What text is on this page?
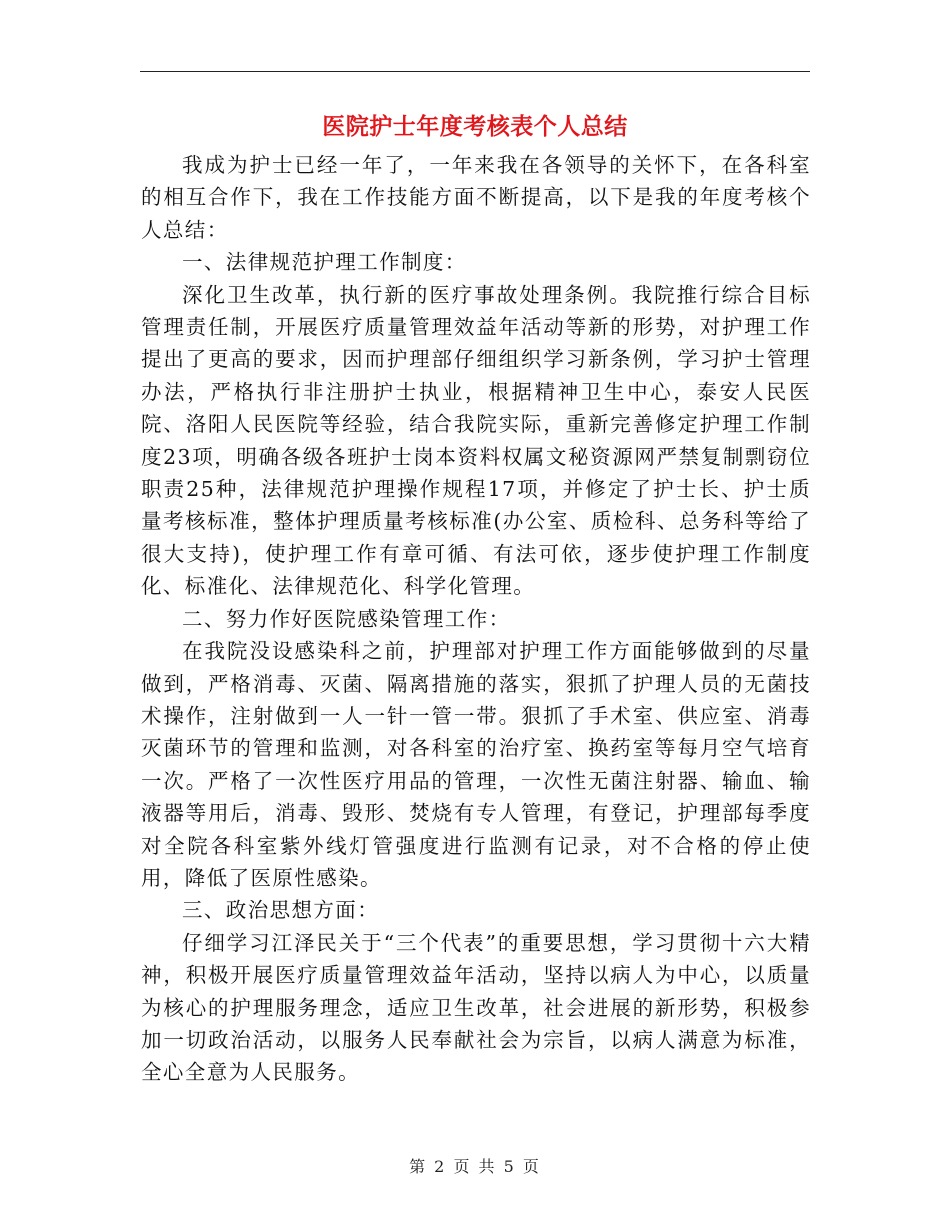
医院护士年度考核表个人总结

我成为护士已经一年了，一年来我在各领导的关怀下，在各科室的相互合作下，我在工作技能方面不断提高，以下是我的年度考核个人总结：

一、法律规范护理工作制度：

深化卫生改革，执行新的医疗事故处理条例。我院推行综合目标管理责任制，开展医疗质量管理效益年活动等新的形势，对护理工作提出了更高的要求，因而护理部仔细组织学习新条例，学习护士管理办法，严格执行非注册护士执业，根据精神卫生中心，泰安人民医院、洛阳人民医院等经验，结合我院实际，重新完善修定护理工作制度23项，明确各级各班护士岗本资料权属文秘资源网严禁复制剽窃位职责25种，法律规范护理操作规程17项，并修定了护士长、护士质量考核标准，整体护理质量考核标准(办公室、质检科、总务科等给了很大支持)，使护理工作有章可循、有法可依，逐步使护理工作制度化、标准化、法律规范化、科学化管理。

二、努力作好医院感染管理工作：

在我院没设感染科之前，护理部对护理工作方面能够做到的尽量做到，严格消毒、灭菌、隔离措施的落实，狠抓了护理人员的无菌技术操作，注射做到一人一针一管一带。狠抓了手术室、供应室、消毒灭菌环节的管理和监测，对各科室的治疗室、换药室等每月空气培育一次。严格了一次性医疗用品的管理，一次性无菌注射器、输血、输液器等用后，消毒、毁形、焚烧有专人管理，有登记，护理部每季度对全院各科室紫外线灯管强度进行监测有记录，对不合格的停止使用，降低了医原性感染。

三、政治思想方面：

仔细学习江泽民关于“三个代表”的重要思想，学习贯彻十六大精神，积极开展医疗质量管理效益年活动，坚持以病人为中心，以质量为核心的护理服务理念，适应卫生改革，社会进展的新形势，积极参加一切政治活动，以服务人民奉献社会为宗旨，以病人满意为标准，全心全意为人民服务。

第 2 页 共 5 页
